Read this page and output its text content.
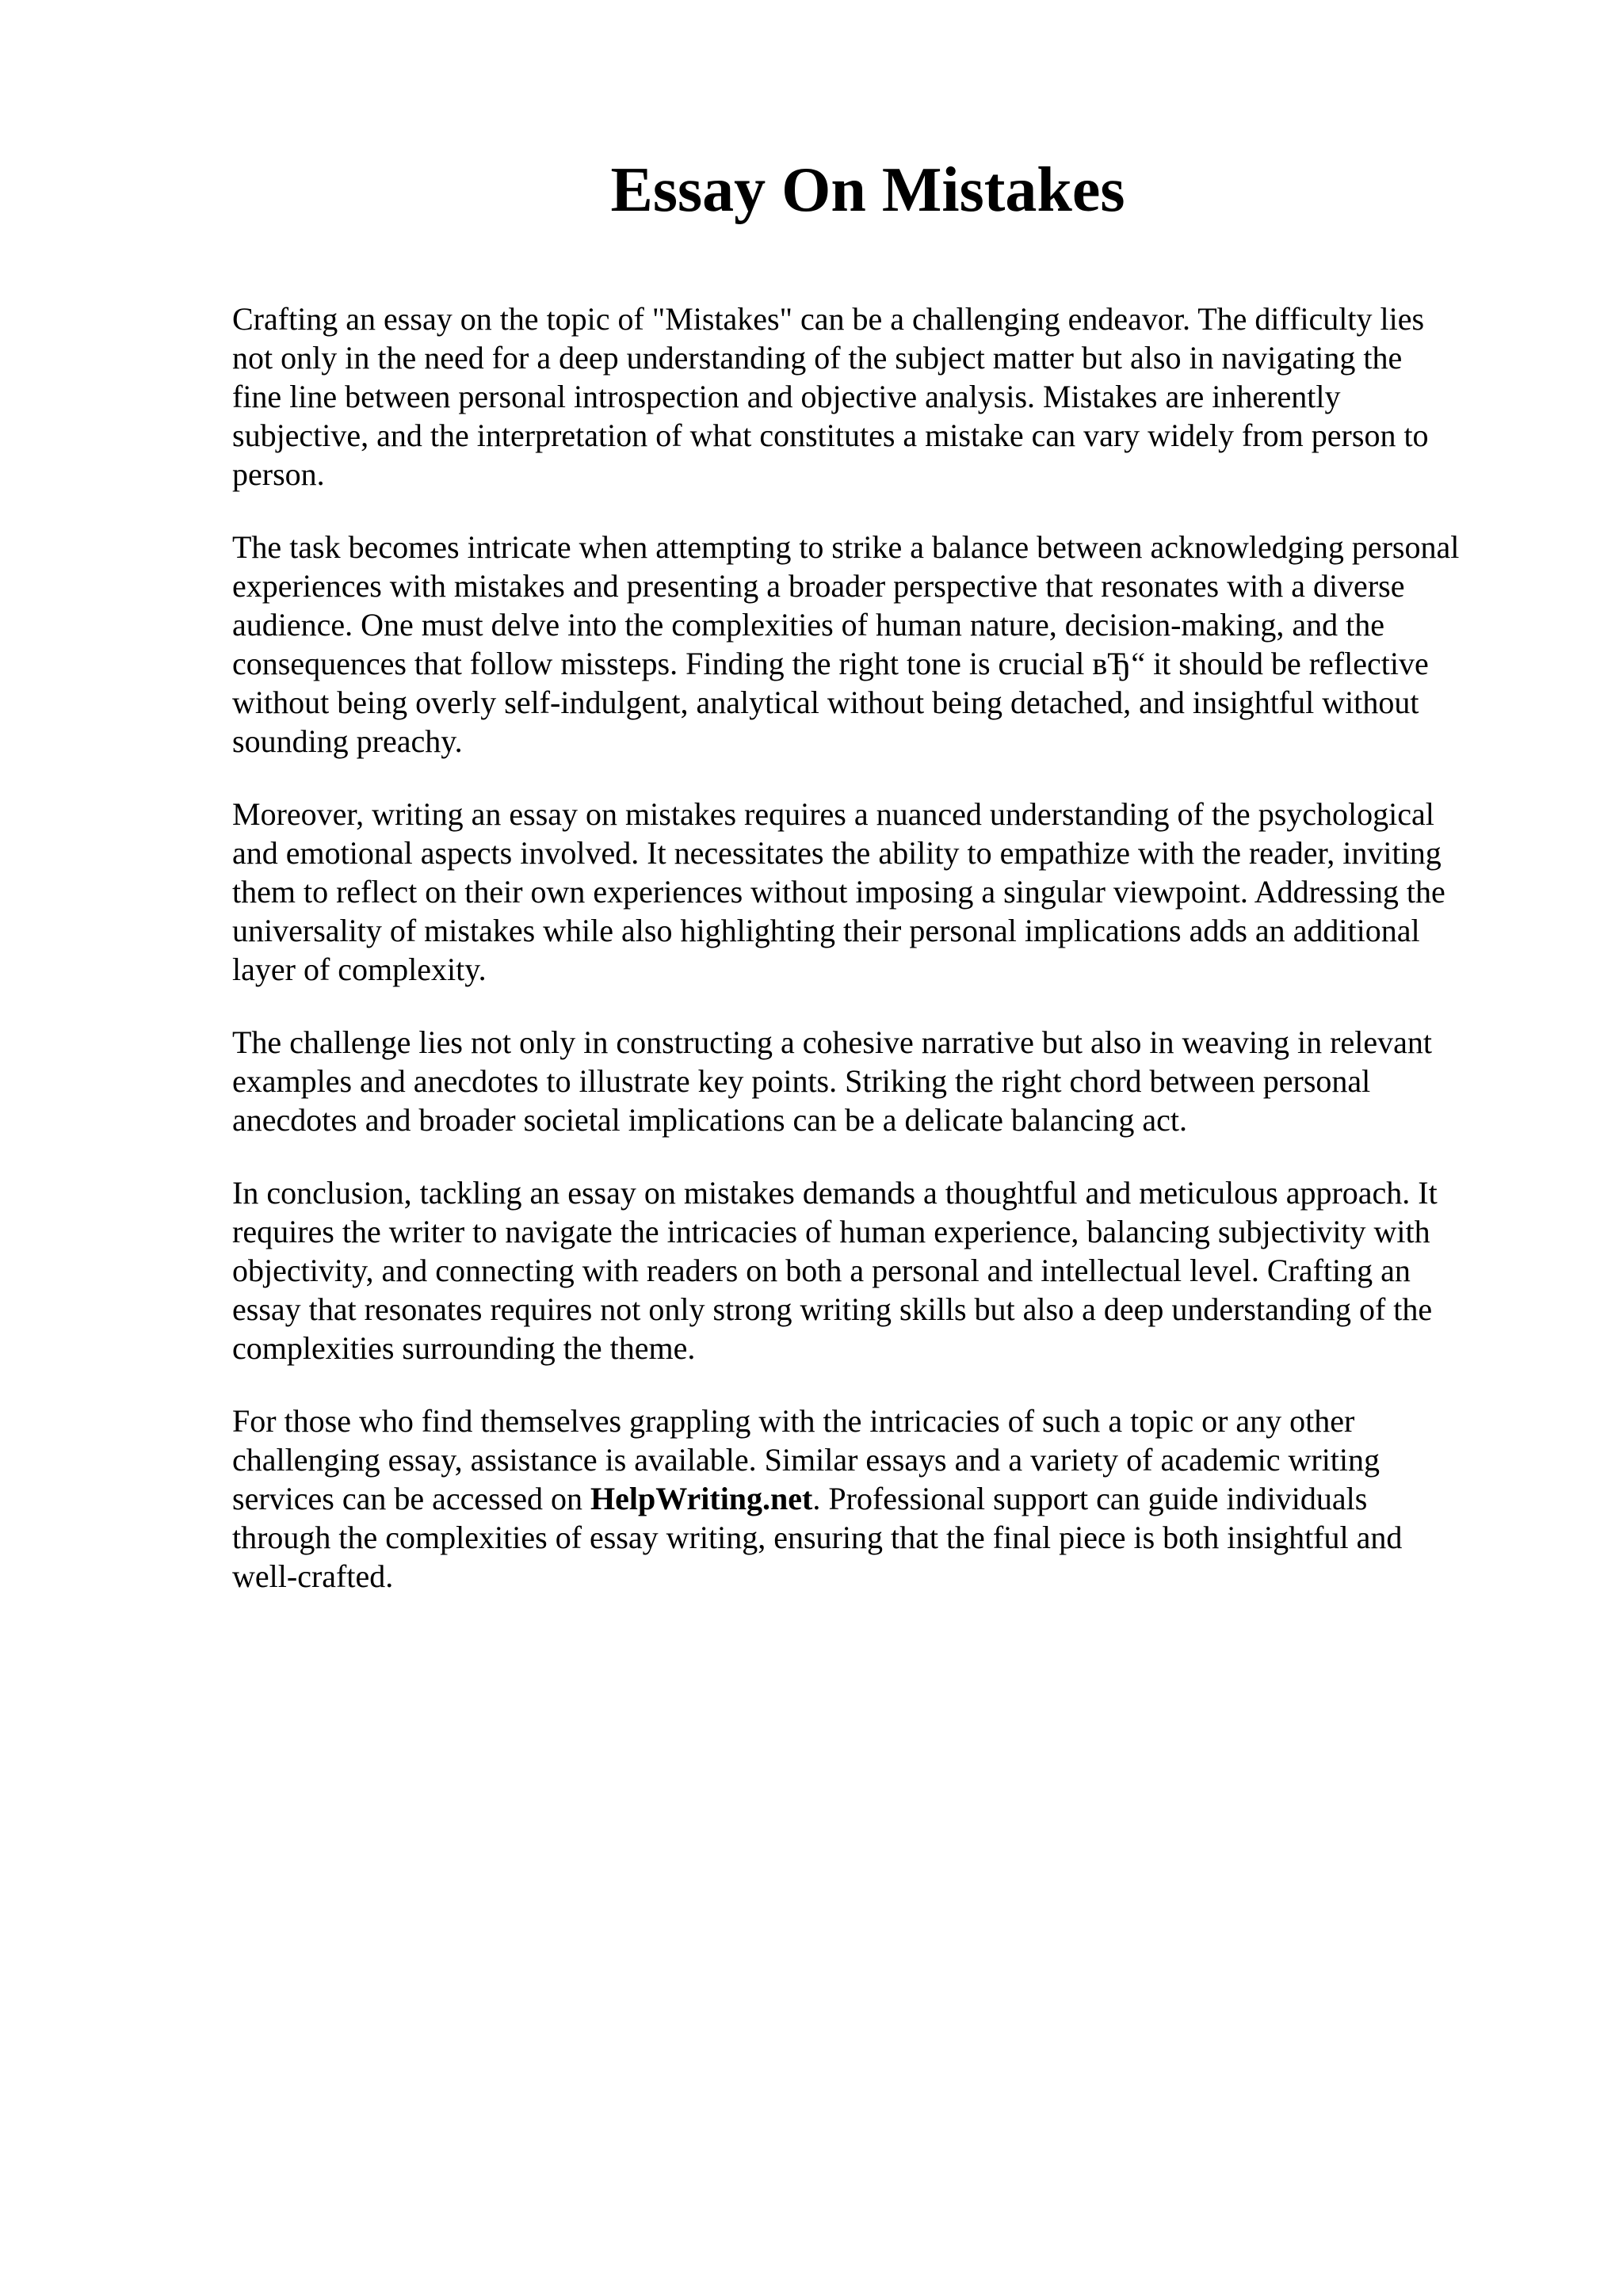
Essay On Mistakes

Crafting an essay on the topic of "Mistakes" can be a challenging endeavor. The difficulty lies
not only in the need for a deep understanding of the subject matter but also in navigating the
fine line between personal introspection and objective analysis. Mistakes are inherently
subjective, and the interpretation of what constitutes a mistake can vary widely from person to
person.

The task becomes intricate when attempting to strike a balance between acknowledging personal
experiences with mistakes and presenting a broader perspective that resonates with a diverse
audience. One must delve into the complexities of human nature, decision-making, and the
consequences that follow missteps. Finding the right tone is crucial вЂ“ it should be reflective
without being overly self-indulgent, analytical without being detached, and insightful without
sounding preachy.

Moreover, writing an essay on mistakes requires a nuanced understanding of the psychological
and emotional aspects involved. It necessitates the ability to empathize with the reader, inviting
them to reflect on their own experiences without imposing a singular viewpoint. Addressing the
universality of mistakes while also highlighting their personal implications adds an additional
layer of complexity.

The challenge lies not only in constructing a cohesive narrative but also in weaving in relevant
examples and anecdotes to illustrate key points. Striking the right chord between personal
anecdotes and broader societal implications can be a delicate balancing act.

In conclusion, tackling an essay on mistakes demands a thoughtful and meticulous approach. It
requires the writer to navigate the intricacies of human experience, balancing subjectivity with
objectivity, and connecting with readers on both a personal and intellectual level. Crafting an
essay that resonates requires not only strong writing skills but also a deep understanding of the
complexities surrounding the theme.

For those who find themselves grappling with the intricacies of such a topic or any other
challenging essay, assistance is available. Similar essays and a variety of academic writing
services can be accessed on HelpWriting.net. Professional support can guide individuals
through the complexities of essay writing, ensuring that the final piece is both insightful and
well-crafted.
